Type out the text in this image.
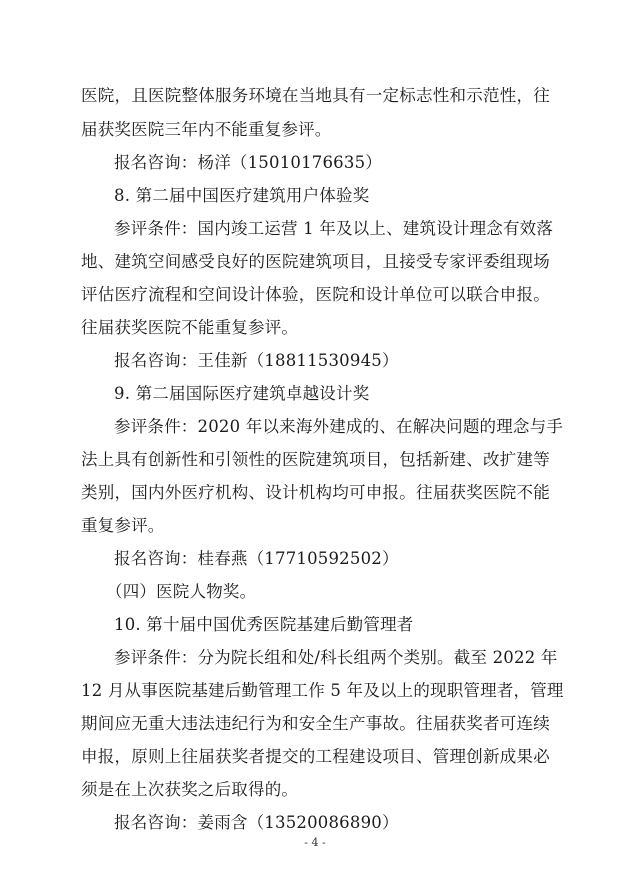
医院，且医院整体服务环境在当地具有一定标志性和示范性，往
届获奖医院三年内不能重复参评。
报名咨询：杨洋（15010176635）
8. 第二届中国医疗建筑用户体验奖
参评条件：国内竣工运营 1 年及以上、建筑设计理念有效落
地、建筑空间感受良好的医院建筑项目，且接受专家评委组现场
评估医疗流程和空间设计体验，医院和设计单位可以联合申报。
往届获奖医院不能重复参评。
报名咨询：王佳新（18811530945）
9. 第二届国际医疗建筑卓越设计奖
参评条件：2020 年以来海外建成的、在解决问题的理念与手
法上具有创新性和引领性的医院建筑项目，包括新建、改扩建等
类别，国内外医疗机构、设计机构均可申报。往届获奖医院不能
重复参评。
报名咨询：桂春燕（17710592502）
（四）医院人物奖。
10. 第十届中国优秀医院基建后勤管理者
参评条件：分为院长组和处/科长组两个类别。截至 2022 年
12 月从事医院基建后勤管理工作 5 年及以上的现职管理者，管理
期间应无重大违法违纪行为和安全生产事故。往届获奖者可连续
申报，原则上往届获奖者提交的工程建设项目、管理创新成果必
须是在上次获奖之后取得的。
报名咨询：姜雨含（13520086890）
- 4 -
